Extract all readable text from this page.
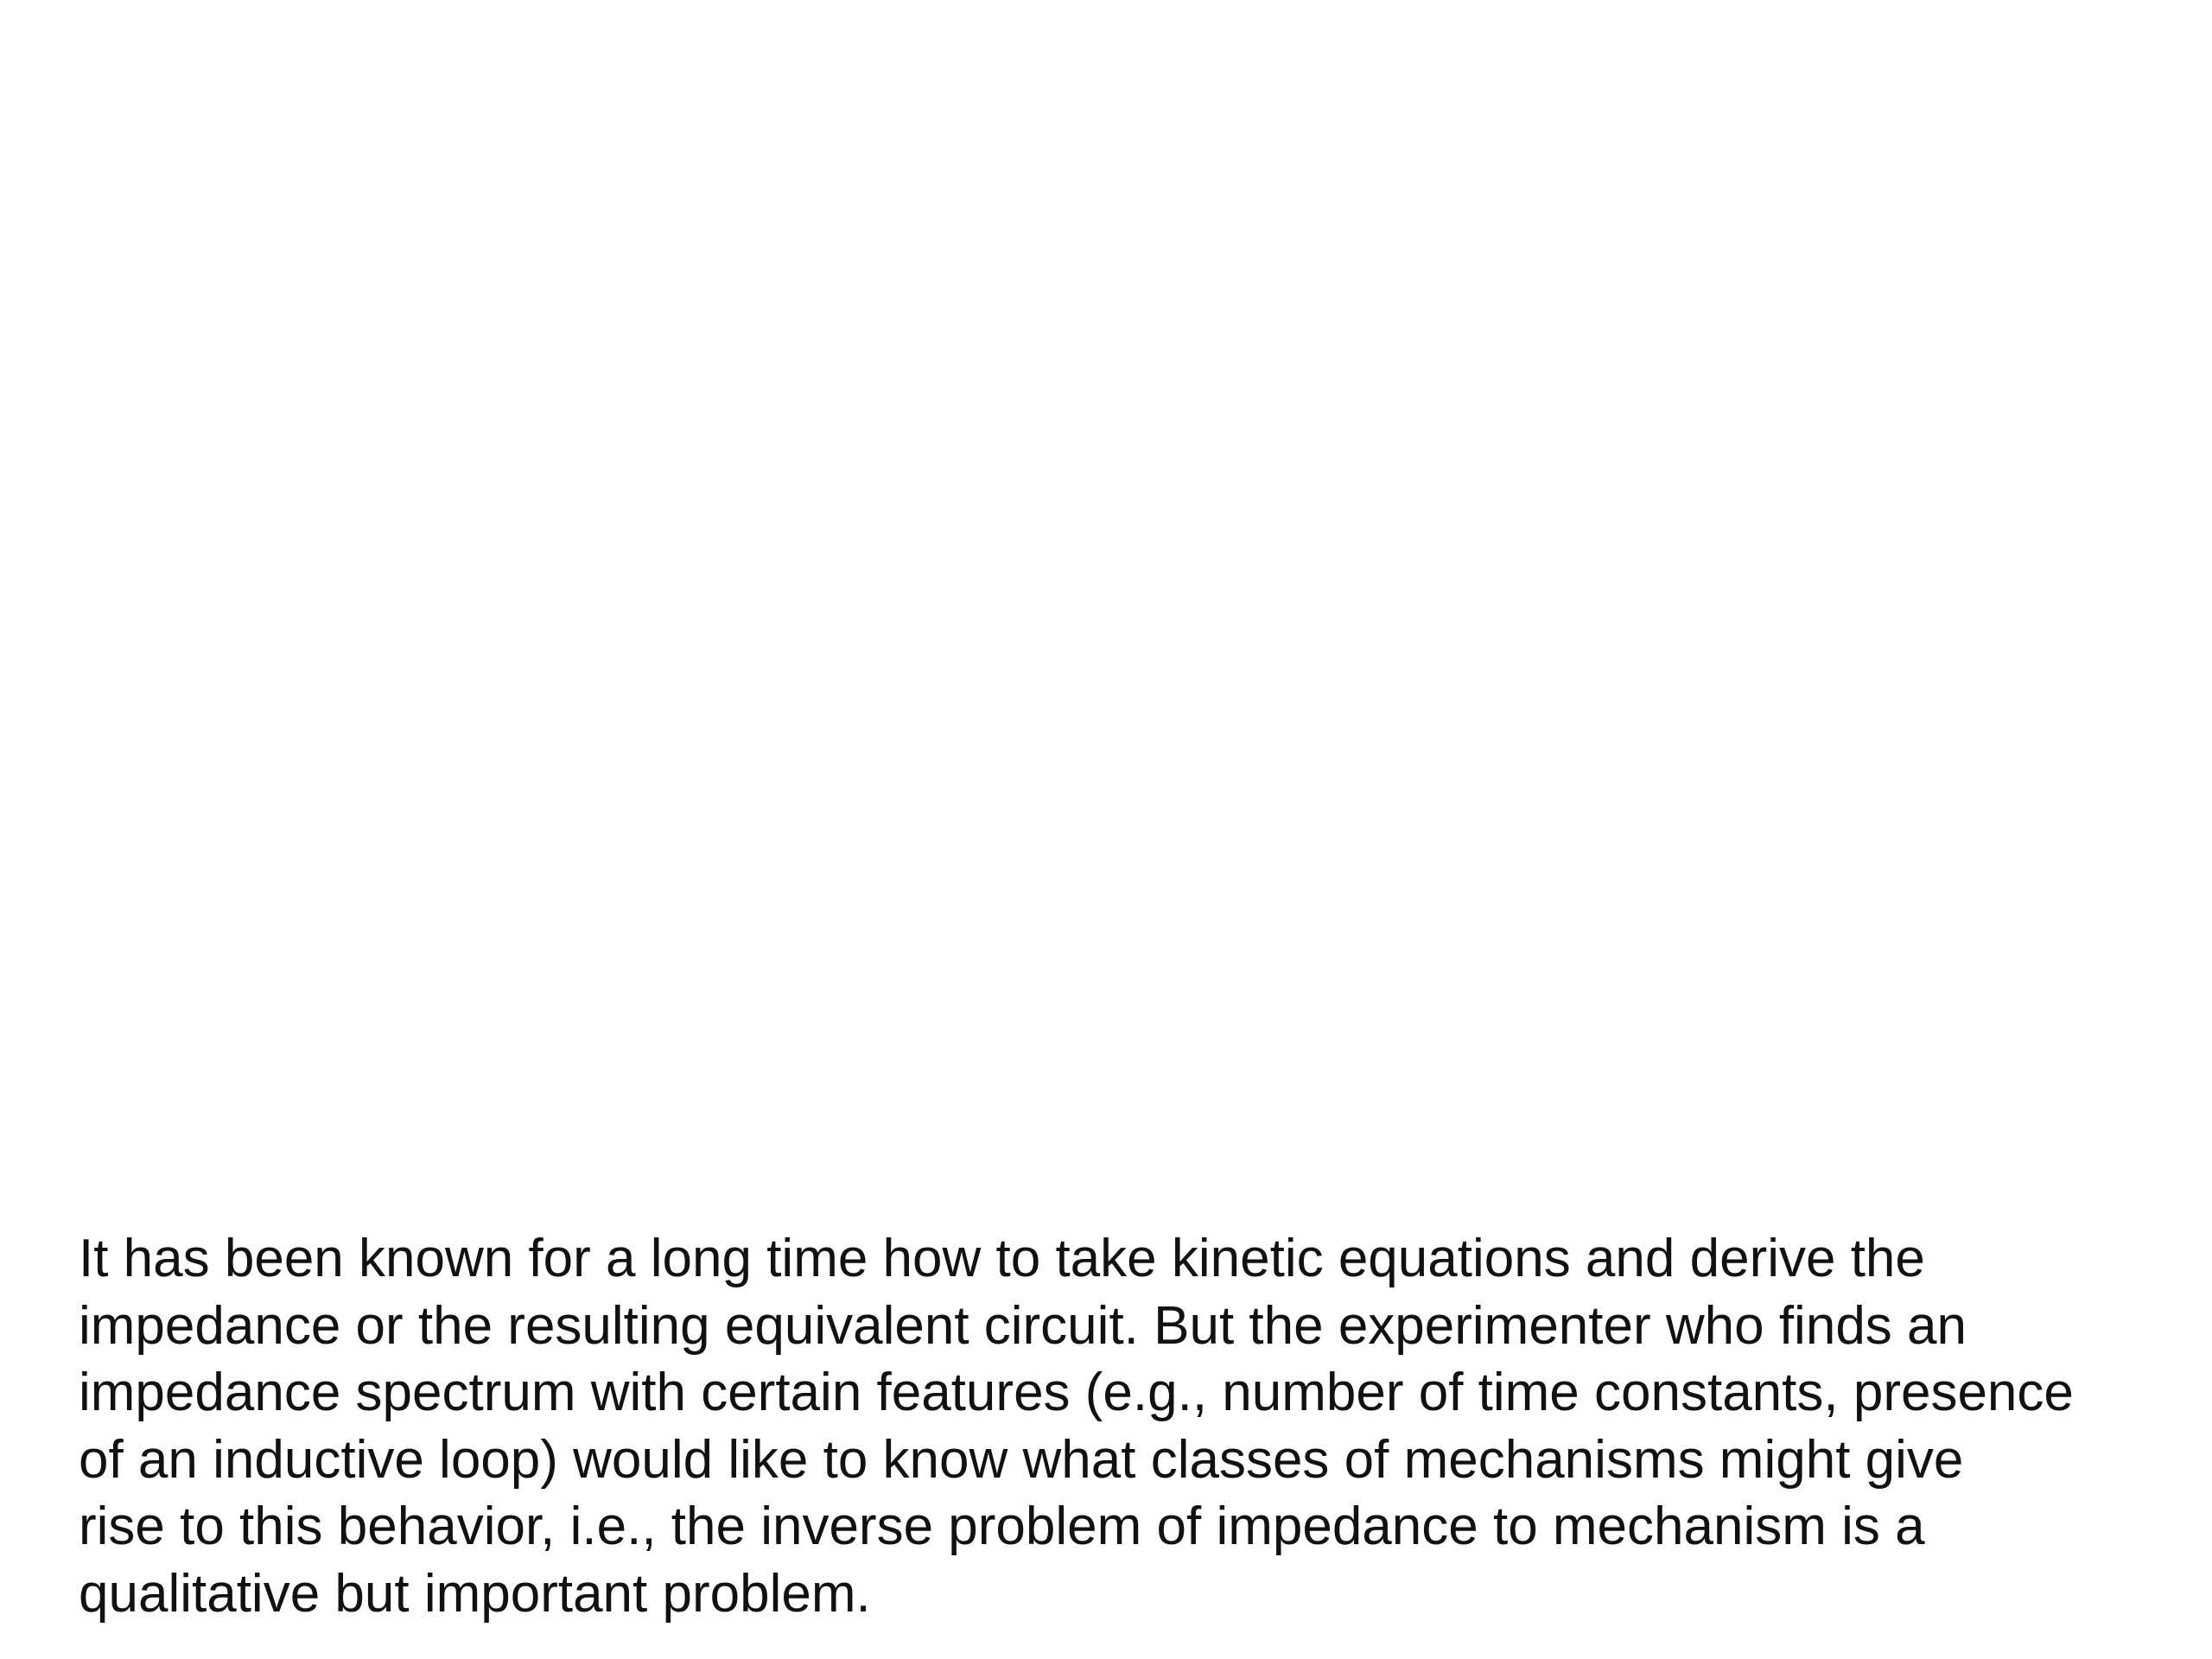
It has been known for a long time how to take kinetic equations and derive the
impedance or the resulting equivalent circuit. But the experimenter who finds an
impedance spectrum with certain features (e.g., number of time constants, presence
of an inductive loop) would like to know what classes of mechanisms might give
rise to this behavior, i.e., the inverse problem of impedance to mechanism is a
qualitative but important problem.
